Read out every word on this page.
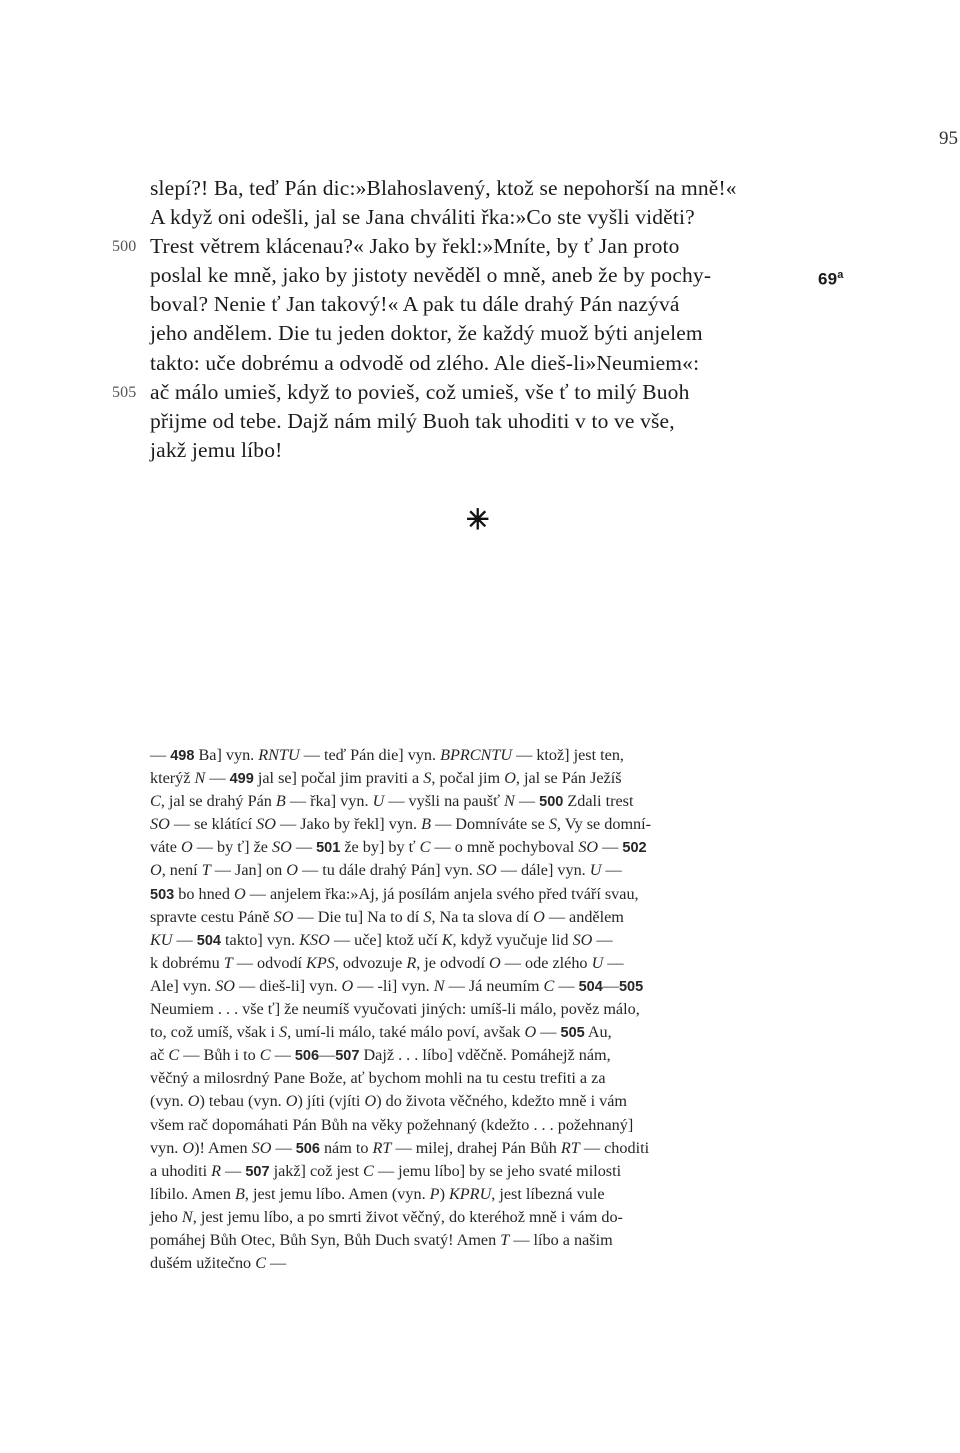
95
slepí?! Ba, teď Pán dic:»Blahoslavený, ktož se nepohorší na mně!«
A když oni odešli, jal se Jana chváliti řka:»Co ste vyšli viděti?
500 Trest větrem klácenau?« Jako by řekl:»Mníte, by ť Jan proto
poslal ke mně, jako by jistoty nevěděl o mně, aneb že by pochy-	69$^a$
boval? Nenie ť Jan takový!« A pak tu dále drahý Pán nazývá
jeho andělem. Die tu jeden doktor, že každý muož býti anjelem
takto: uče dobrému a odvodě od zlého. Ale dieš-li»Neumiem«:
505 ač málo umieš, když to povieš, což umieš, vše ť to milý Buoh
přijme od tebe. Dajž nám milý Buoh tak uhoditi v to ve vše,
jakž jemu líbo!
✳
— 498 Ba] vyn. RNTU — teď Pán die] vyn. BPRCNTU — ktož] jest ten,
kterýž N — 499 jal se] počal jim praviti a S, počal jim O, jal se Pán Ježíš
C, jal se drahý Pán B — řka] vyn. U — vyšli na paušť N — 500 Zdali trest
SO — se klátící SO — Jako by řekl] vyn. B — Domníváte se S, Vy se domní-
váte O — by ť] že SO — 501 že by] by ť C — o mně pochyboval SO — 502
O, není T — Jan] on O — tu dále drahý Pán] vyn. SO — dále] vyn. U —
503 bo hned O — anjelem řka:»Aj, já posílám anjela svého před tváří svau,
spravte cestu Páně SO — Die tu] Na to dí S, Na ta slova dí O — andělem
KU — 504 takto] vyn. KSO — uče] ktož učí K, když vyučuje lid SO —
k dobrému T — odvodí KPS, odvozuje R, je odvodí O — ode zlého U —
Ale] vyn. SO — dieš-li] vyn. O — -li] vyn. N — Já neumím C — 504—505
Neumiem . . . vše ť] že neumíš vyučovati jiných: umíš-li málo, pověz málo,
to, což umíš, však i S, umí-li málo, také málo poví, avšak O — 505 Au,
ač C — Bůh i to C — 506—507 Dajž . . . líbo] vděčně. Pomáhejž nám,
věčný a milosrdný Pane Bože, ať bychom mohli na tu cestu trefiti a za
(vyn. O) tebau (vyn. O) jíti (vjíti O) do života věčného, kdežto mně i vám
všem rač dopomáhati Pán Bůh na věky požehnaný (kdežto . . . požehnaný]
vyn. O)! Amen SO — 506 nám to RT — milej, drahej Pán Bůh RT — choditi
a uhoditi R — 507 jakž] což jest C — jemu líbo] by se jeho svaté milosti
líbilo. Amen B, jest jemu líbo. Amen (vyn. P) KPRU, jest líbezná vule
jeho N, jest jemu líbo, a po smrti život věčný, do kteréhož mně i vám do-
pomáhej Bůh Otec, Bůh Syn, Bůh Duch svatý! Amen T — líbo a našim
dušém užitečno C —
